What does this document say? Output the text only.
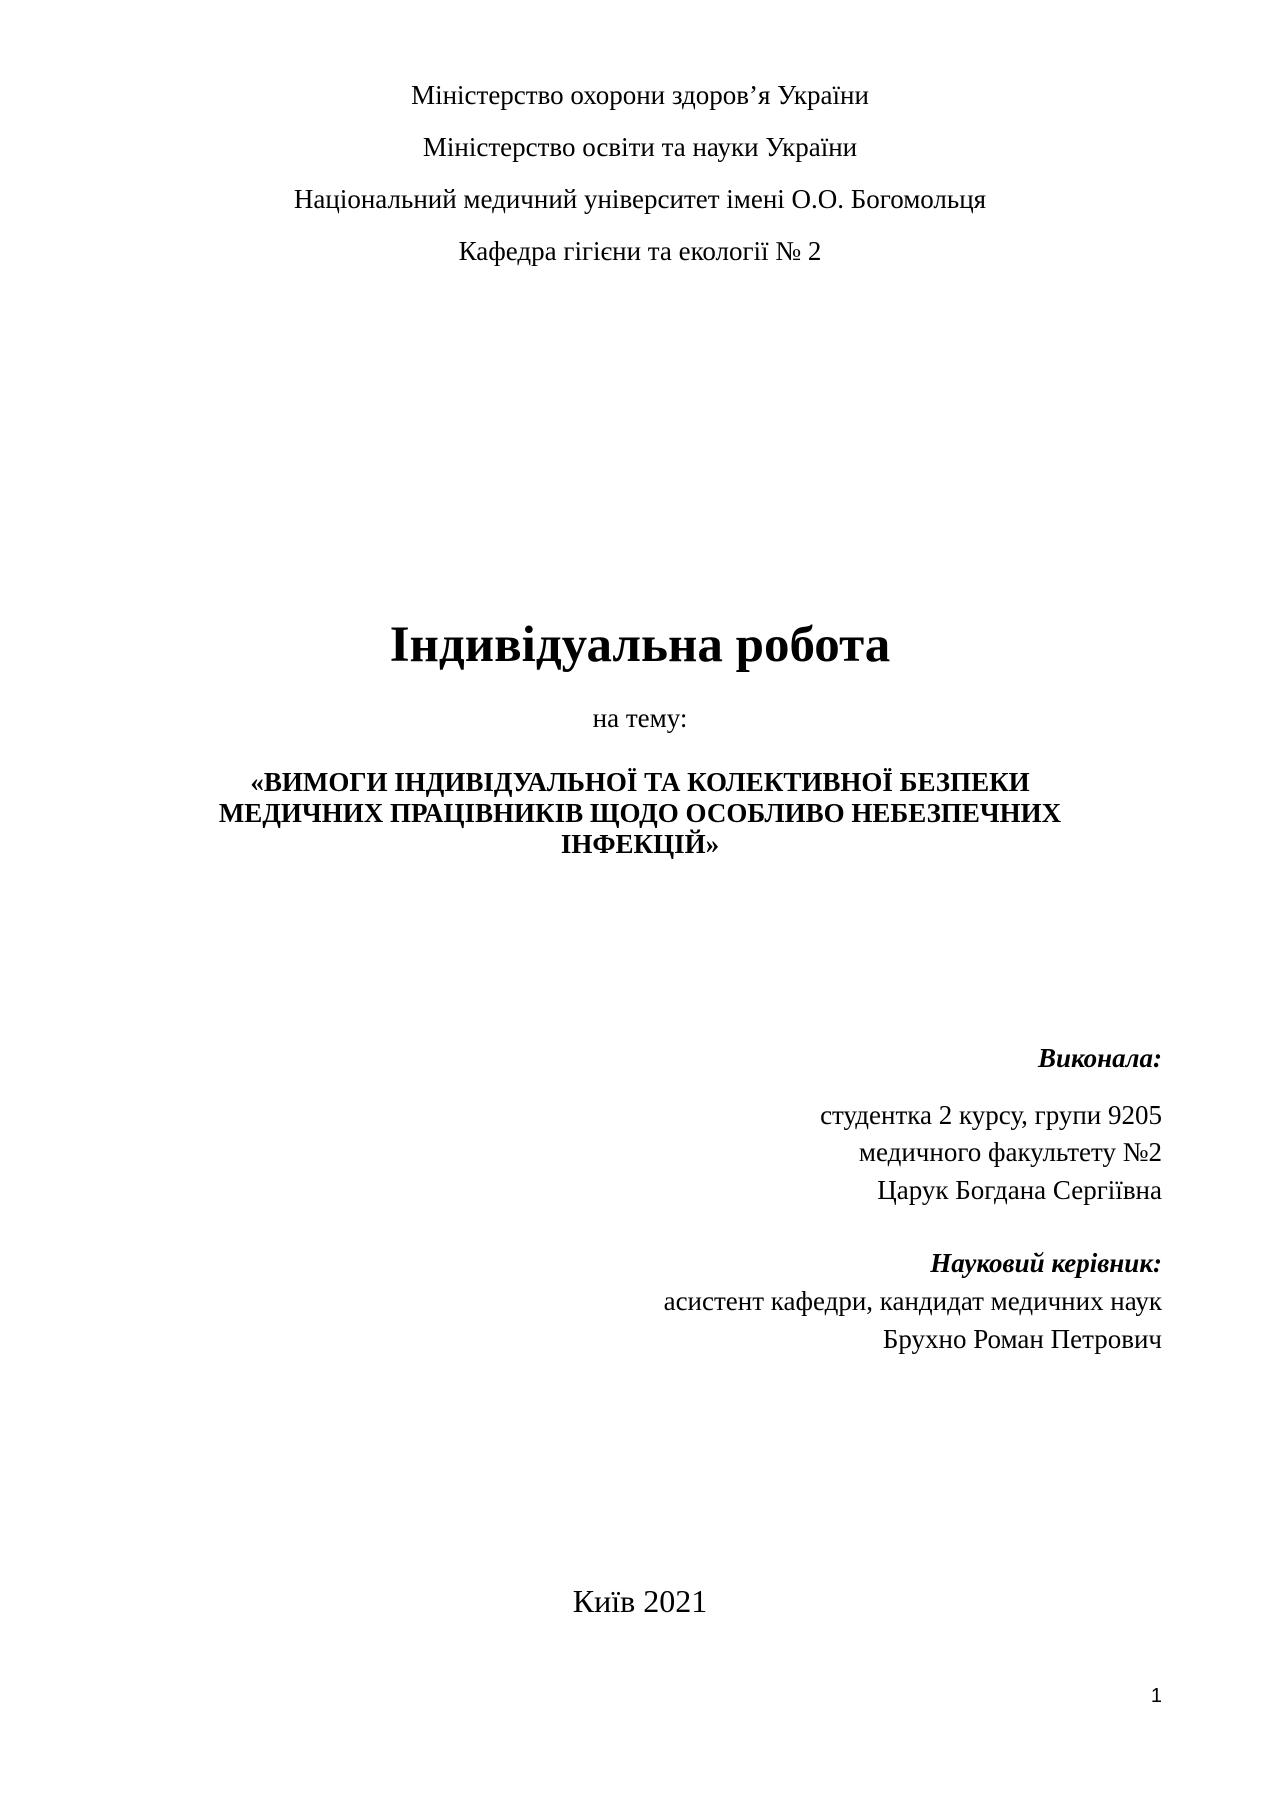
Міністерство охорони здоров’я України
Міністерство освіти та науки України
Національний медичний університет імені О.О. Богомольця
Кафедра гігієни та екології № 2
Індивідуальна робота
на тему:
«ВИМОГИ ІНДИВІДУАЛЬНОЇ ТА КОЛЕКТИВНОЇ БЕЗПЕКИ
МЕДИЧНИХ ПРАЦІВНИКІВ ЩОДО ОСОБЛИВО НЕБЕЗПЕЧНИХ
ІНФЕКЦІЙ»
Виконала:
студентка 2 курсу, групи 9205
медичного факультету №2
Царук Богдана Сергіївна
Науковий керівник:
асистент кафедри, кандидат медичних наук
Брухно Роман Петрович
Київ 2021
1
